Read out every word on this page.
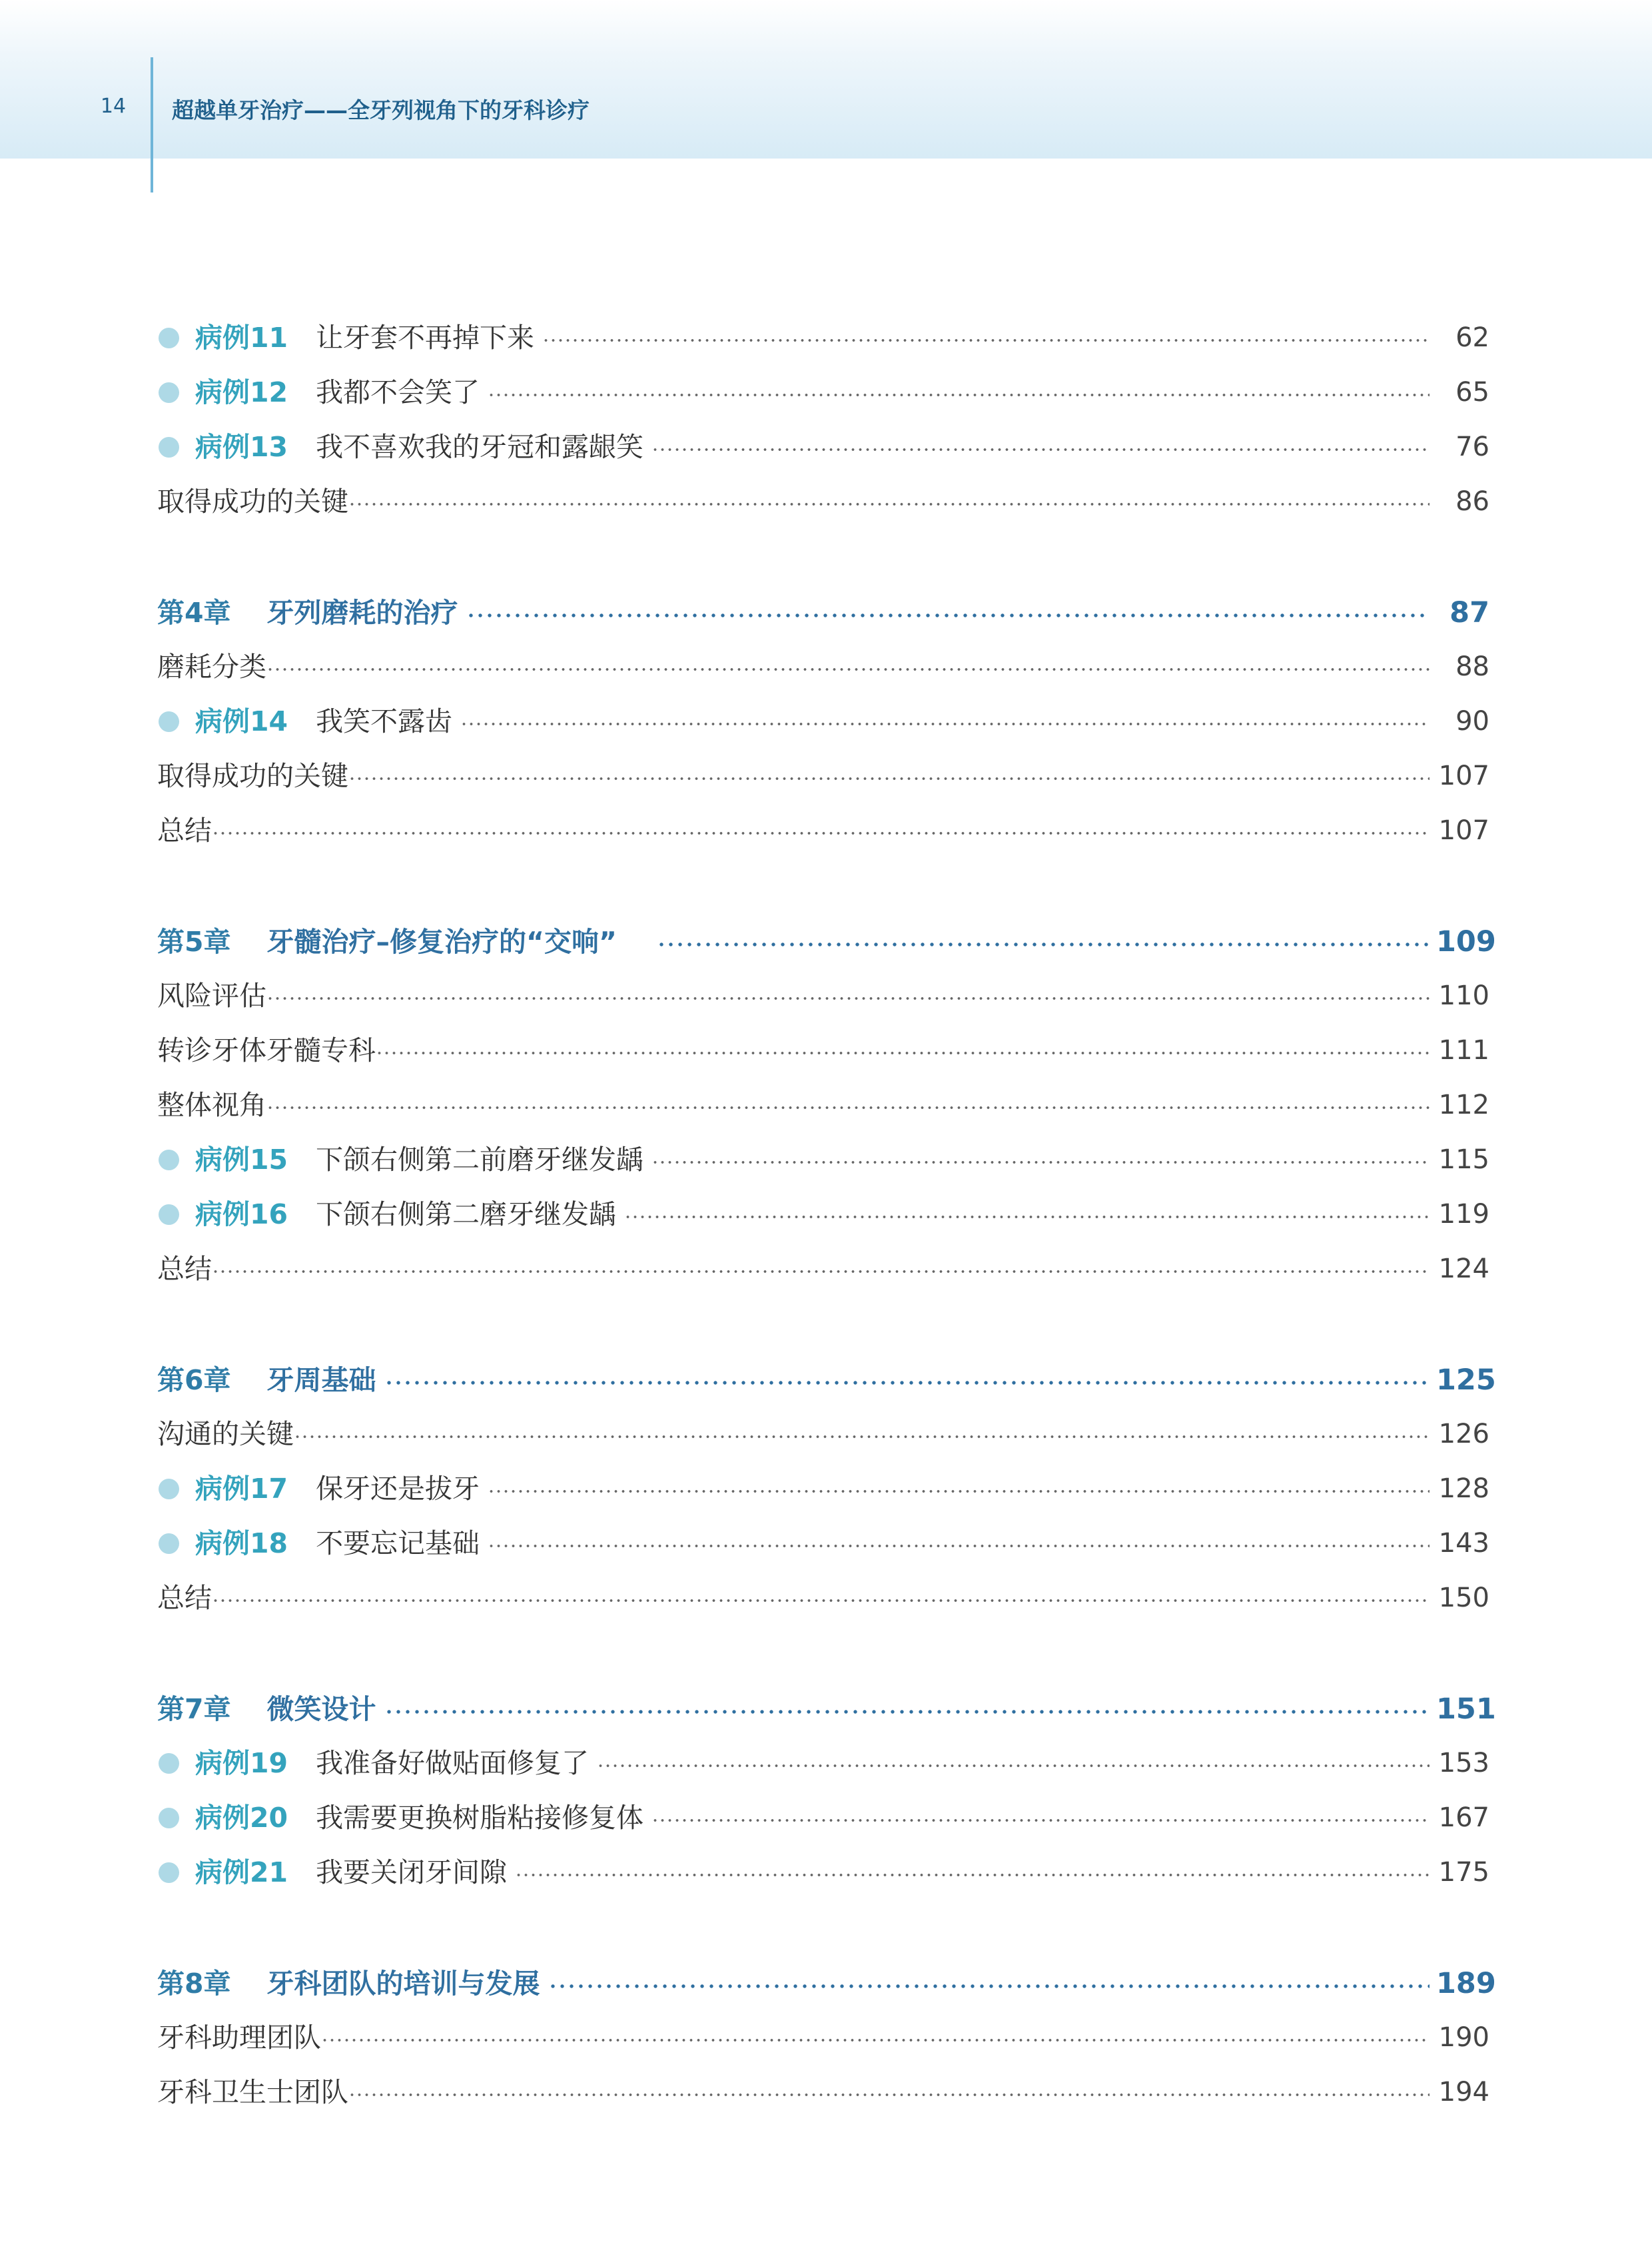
14	超越单牙治疗——全牙列视角下的牙科诊疗
病例11 让牙套不再掉下来	62
病例12 我都不会笑了	65
病例13 我不喜欢我的牙冠和露龈笑	76
取得成功的关键	86
第4章 牙列磨耗的治疗	87
磨耗分类	88
病例14 我笑不露齿	90
取得成功的关键	107
总结	107
第5章 牙髓治疗–修复治疗的“交响”	109
风险评估	110
转诊牙体牙髓专科	111
整体视角	112
病例15 下颌右侧第二前磨牙继发龋	115
病例16 下颌右侧第二磨牙继发龋	119
总结	124
第6章 牙周基础	125
沟通的关键	126
病例17 保牙还是拔牙	128
病例18 不要忘记基础	143
总结	150
第7章 微笑设计	151
病例19 我准备好做贴面修复了	153
病例20 我需要更换树脂粘接修复体	167
病例21 我要关闭牙间隙	175
第8章 牙科团队的培训与发展	189
牙科助理团队	190
牙科卫生士团队	194
